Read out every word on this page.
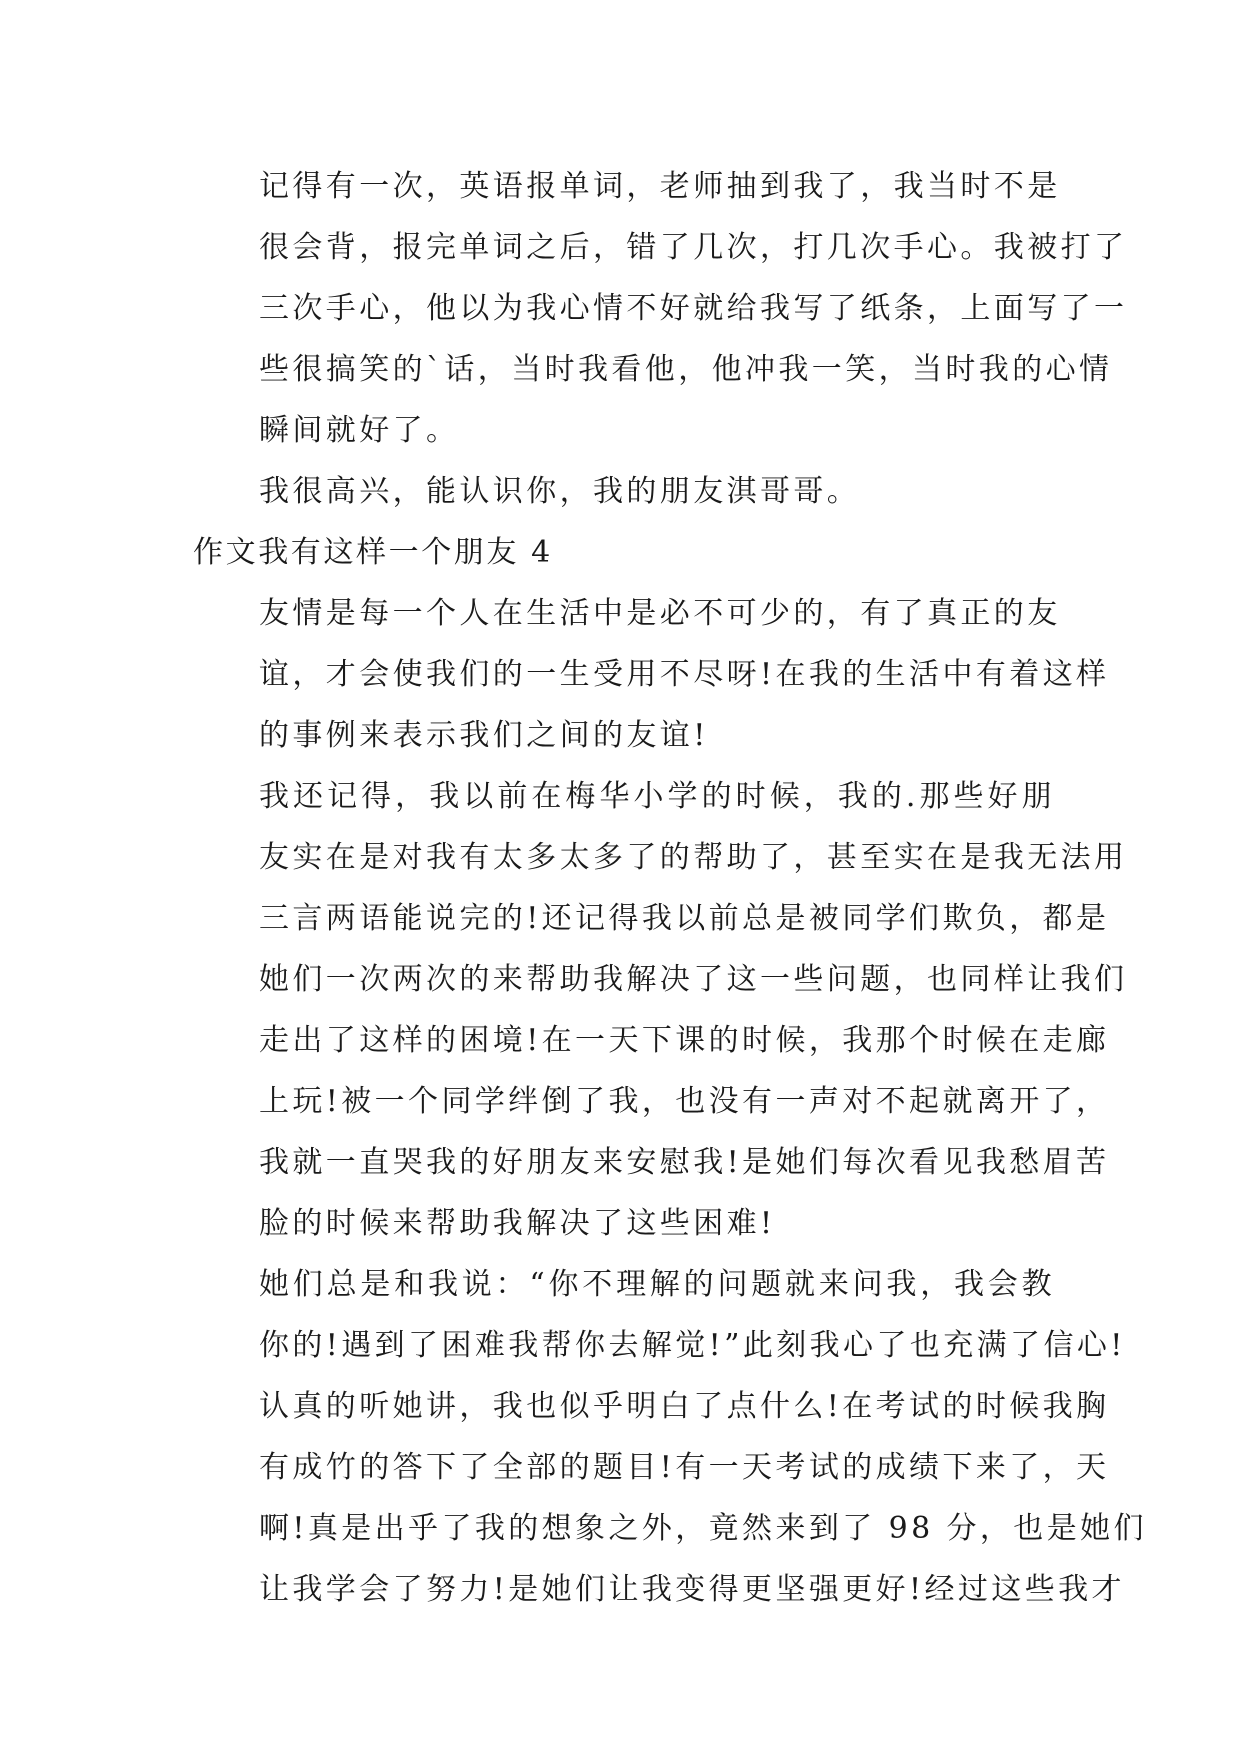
记得有一次，英语报单词，老师抽到我了，我当时不是
很会背，报完单词之后，错了几次，打几次手心。我被打了
三次手心，他以为我心情不好就给我写了纸条，上面写了一
些很搞笑的`话，当时我看他，他冲我一笑，当时我的心情
瞬间就好了。

我很高兴，能认识你，我的朋友淇哥哥。

作文我有这样一个朋友 4

友情是每一个人在生活中是必不可少的，有了真正的友
谊，才会使我们的一生受用不尽呀!在我的生活中有着这样
的事例来表示我们之间的友谊!

我还记得，我以前在梅华小学的时候，我的.那些好朋
友实在是对我有太多太多了的帮助了，甚至实在是我无法用
三言两语能说完的!还记得我以前总是被同学们欺负，都是
她们一次两次的来帮助我解决了这一些问题，也同样让我们
走出了这样的困境!在一天下课的时候，我那个时候在走廊
上玩!被一个同学绊倒了我，也没有一声对不起就离开了，
我就一直哭我的好朋友来安慰我!是她们每次看见我愁眉苦
脸的时候来帮助我解决了这些困难!

她们总是和我说：“你不理解的问题就来问我，我会教
你的!遇到了困难我帮你去解觉!”此刻我心了也充满了信心!
认真的听她讲，我也似乎明白了点什么!在考试的时候我胸
有成竹的答下了全部的题目!有一天考试的成绩下来了，天
啊!真是出乎了我的想象之外，竟然来到了 98 分，也是她们
让我学会了努力!是她们让我变得更坚强更好!经过这些我才
